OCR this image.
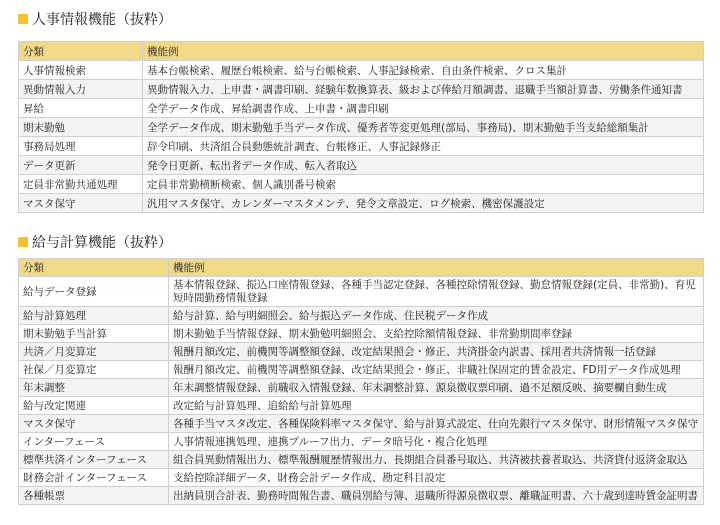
人事情報機能（抜粋）
分類	機能例
人事情報検索	基本台帳検索、履歴台帳検索、給与台帳検索、人事記録検索、自由条件検索、クロス集計
異動情報入力	異動情報入力、上申書・調書印刷、経験年数換算表、級および俸給月額調書、退職手当額計算書、労働条件通知書
昇給	全学データ作成、昇給調書作成、上申書・調書印刷
期末勤勉	全学データ作成、期末勤勉手当データ作成、優秀者等変更処理(部局、事務局)、期末勤勉手当支給総額集計
事務局処理	辞令印刷、共済組合員動態統計調査、台帳修正、人事記録修正
データ更新	発令日更新、転出者データ作成、転入者取込
定員非常勤共通処理	定員非常勤横断検索、個人識別番号検索
マスタ保守	汎用マスタ保守、カレンダーマスタメンテ、発令文章設定、ログ検索、機密保護設定
給与計算機能（抜粋）
分類	機能例
給与データ登録	基本情報登録、振込口座情報登録、各種手当認定登録、各種控除情報登録、勤怠情報登録(定員、非常勤)、育児短時間勤務情報登録
給与計算処理	給与計算、給与明細照会、給与振込データ作成、住民税データ作成
期末勤勉手当計算	期末勤勉手当情報登録、期末勤勉明細照会、支給控除額情報登録、非常勤期間率登録
共済／月変算定	報酬月額改定、前機関等調整額登録、改定結果照会・修正、共済掛金内訳書、採用者共済情報一括登録
社保／月変算定	報酬月額改定、前機関等調整額登録、改定結果照会・修正、非職社保固定的賃金設定、FD用データ作成処理
年末調整	年末調整情報登録、前職収入情報登録、年末調整計算、源泉徴収票印刷、過不足額反映、摘要欄自動生成
給与改定関連	改定給与計算処理、追給給与計算処理
マスタ保守	各種手当マスタ改定、各種保険料率マスタ保守、給与計算式設定、仕向先銀行マスタ保守、財形情報マスタ保守
インターフェース	人事情報連携処理、連携プルーフ出力、データ暗号化・複合化処理
標準共済インターフェース	組合員異動情報出力、標準報酬履歴情報出力、長期組合員番号取込、共済被扶養者取込、共済貸付返済金取込
財務会計インターフェース	支給控除詳細データ、財務会計データ作成、勘定科目設定
各種帳票	出納員別合計表、勤務時間報告書、職員別給与簿、退職所得源泉徴収票、離職証明書、六十歳到達時賃金証明書
